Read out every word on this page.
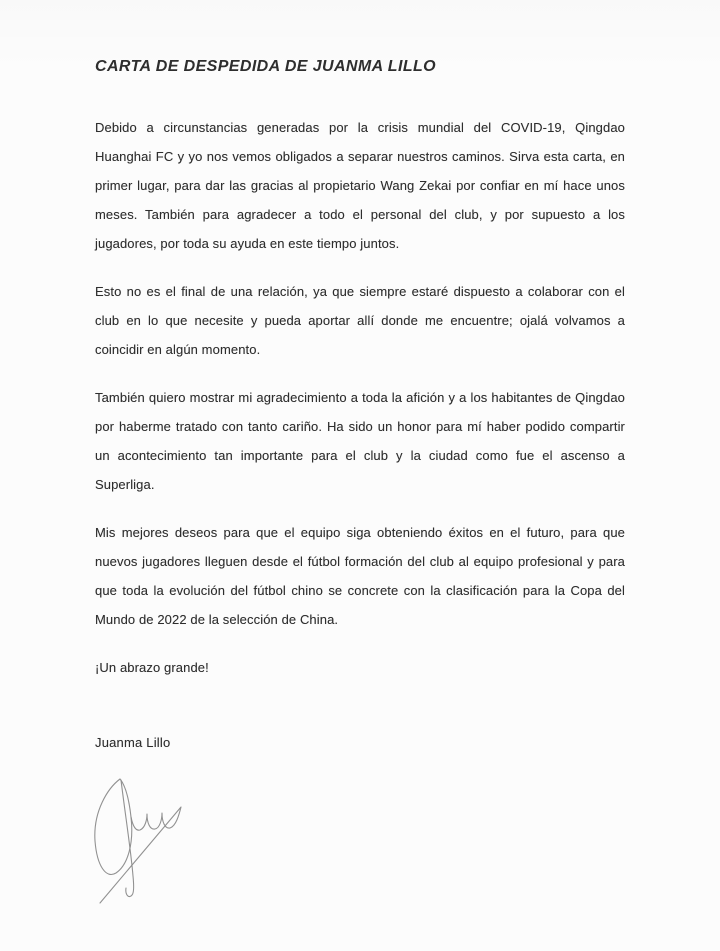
CARTA DE DESPEDIDA DE JUANMA LILLO

Debido a circunstancias generadas por la crisis mundial del COVID-19, Qingdao Huanghai FC y yo nos vemos obligados a separar nuestros caminos. Sirva esta carta, en primer lugar, para dar las gracias al propietario Wang Zekai por confiar en mí hace unos meses. También para agradecer a todo el personal del club, y por supuesto a los jugadores, por toda su ayuda en este tiempo juntos.

Esto no es el final de una relación, ya que siempre estaré dispuesto a colaborar con el club en lo que necesite y pueda aportar allí donde me encuentre; ojalá volvamos a coincidir en algún momento.

También quiero mostrar mi agradecimiento a toda la afición y a los habitantes de Qingdao por haberme tratado con tanto cariño. Ha sido un honor para mí haber podido compartir un acontecimiento tan importante para el club y la ciudad como fue el ascenso a Superliga.

Mis mejores deseos para que el equipo siga obteniendo éxitos en el futuro, para que nuevos jugadores lleguen desde el fútbol formación del club al equipo profesional y para que toda la evolución del fútbol chino se concrete con la clasificación para la Copa del Mundo de 2022 de la selección de China.

¡Un abrazo grande!

Juanma Lillo
